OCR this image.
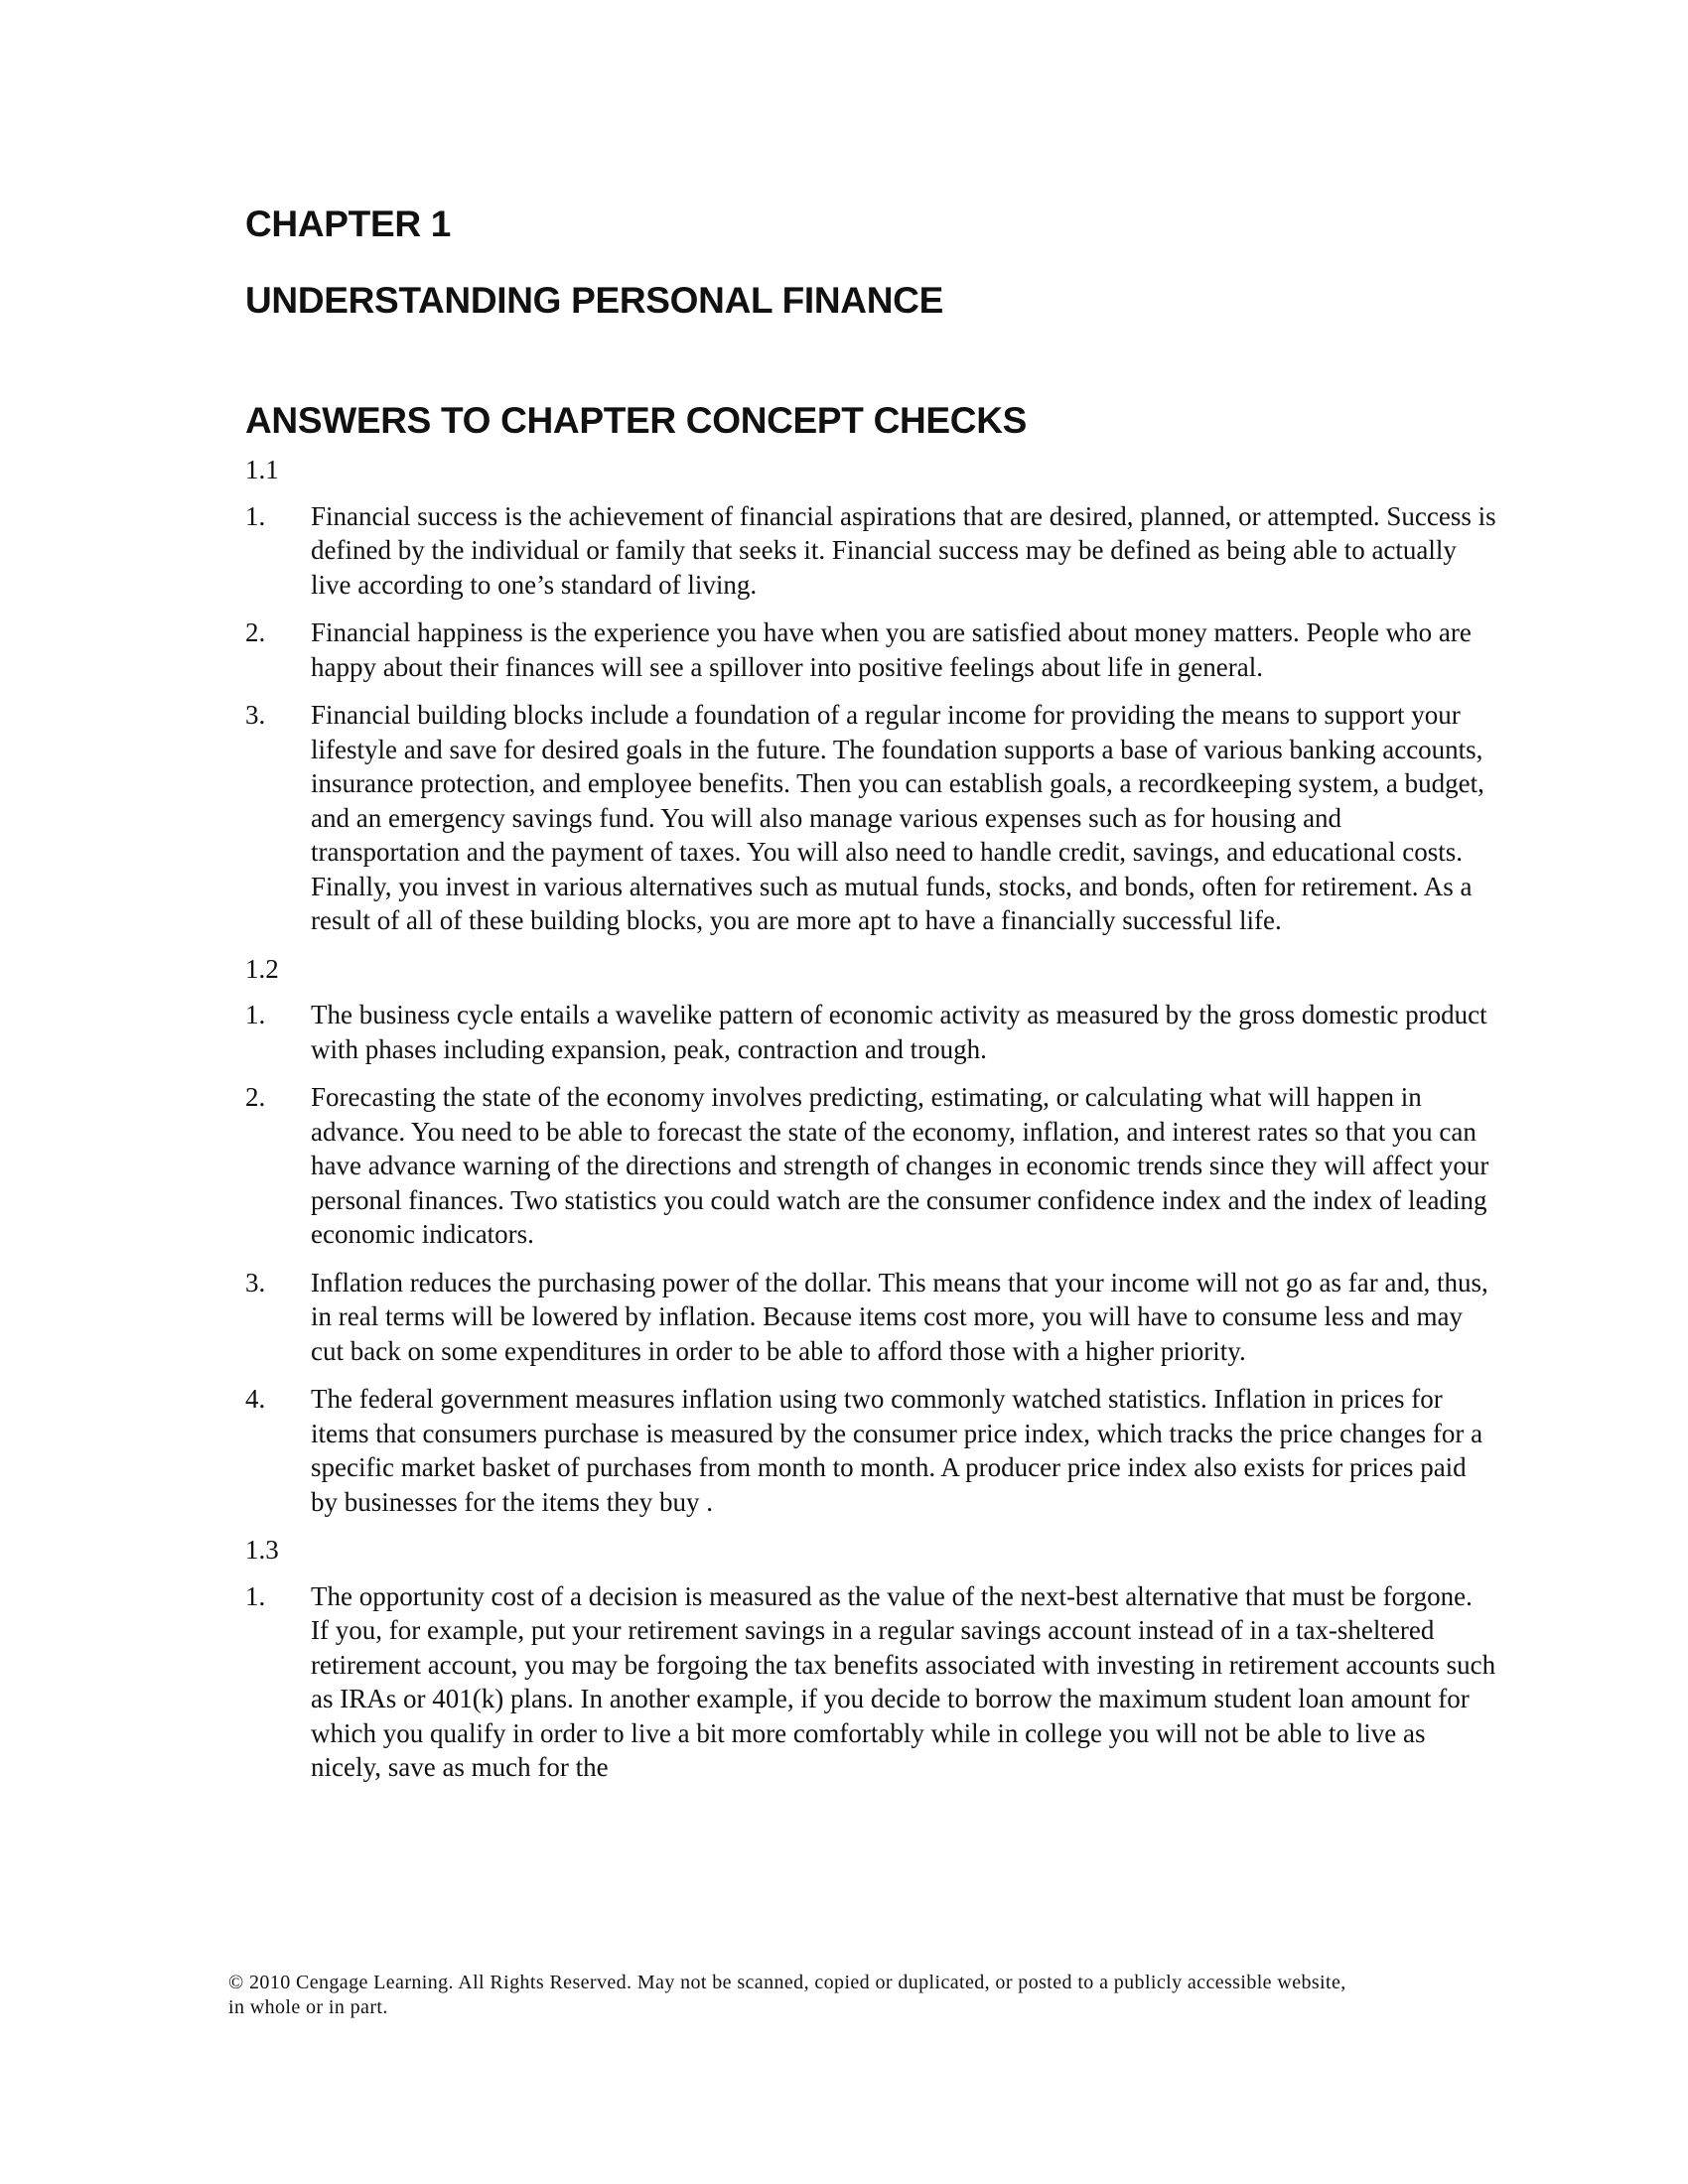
CHAPTER 1
UNDERSTANDING PERSONAL FINANCE
ANSWERS TO CHAPTER CONCEPT CHECKS
1.1
1. Financial success is the achievement of financial aspirations that are desired, planned, or attempted. Success is defined by the individual or family that seeks it. Financial success may be defined as being able to actually live according to one’s standard of living.
2. Financial happiness is the experience you have when you are satisfied about money matters. People who are happy about their finances will see a spillover into positive feelings about life in general.
3. Financial building blocks include a foundation of a regular income for providing the means to support your lifestyle and save for desired goals in the future. The foundation supports a base of various banking accounts, insurance protection, and employee benefits. Then you can establish goals, a recordkeeping system, a budget, and an emergency savings fund. You will also manage various expenses such as for housing and transportation and the payment of taxes. You will also need to handle credit, savings, and educational costs. Finally, you invest in various alternatives such as mutual funds, stocks, and bonds, often for retirement. As a result of all of these building blocks, you are more apt to have a financially successful life.
1.2
1. The business cycle entails a wavelike pattern of economic activity as measured by the gross domestic product with phases including expansion, peak, contraction and trough.
2. Forecasting the state of the economy involves predicting, estimating, or calculating what will happen in advance. You need to be able to forecast the state of the economy, inflation, and interest rates so that you can have advance warning of the directions and strength of changes in economic trends since they will affect your personal finances. Two statistics you could watch are the consumer confidence index and the index of leading economic indicators.
3. Inflation reduces the purchasing power of the dollar. This means that your income will not go as far and, thus, in real terms will be lowered by inflation. Because items cost more, you will have to consume less and may cut back on some expenditures in order to be able to afford those with a higher priority.
4. The federal government measures inflation using two commonly watched statistics. Inflation in prices for items that consumers purchase is measured by the consumer price index, which tracks the price changes for a specific market basket of purchases from month to month. A producer price index also exists for prices paid by businesses for the items they buy .
1.3
1. The opportunity cost of a decision is measured as the value of the next-best alternative that must be forgone. If you, for example, put your retirement savings in a regular savings account instead of in a tax-sheltered retirement account, you may be forgoing the tax benefits associated with investing in retirement accounts such as IRAs or 401(k) plans. In another example, if you decide to borrow the maximum student loan amount for which you qualify in order to live a bit more comfortably while in college you will not be able to live as nicely, save as much for the
© 2010 Cengage Learning. All Rights Reserved. May not be scanned, copied or duplicated, or posted to a publicly accessible website,
in whole or in part.
